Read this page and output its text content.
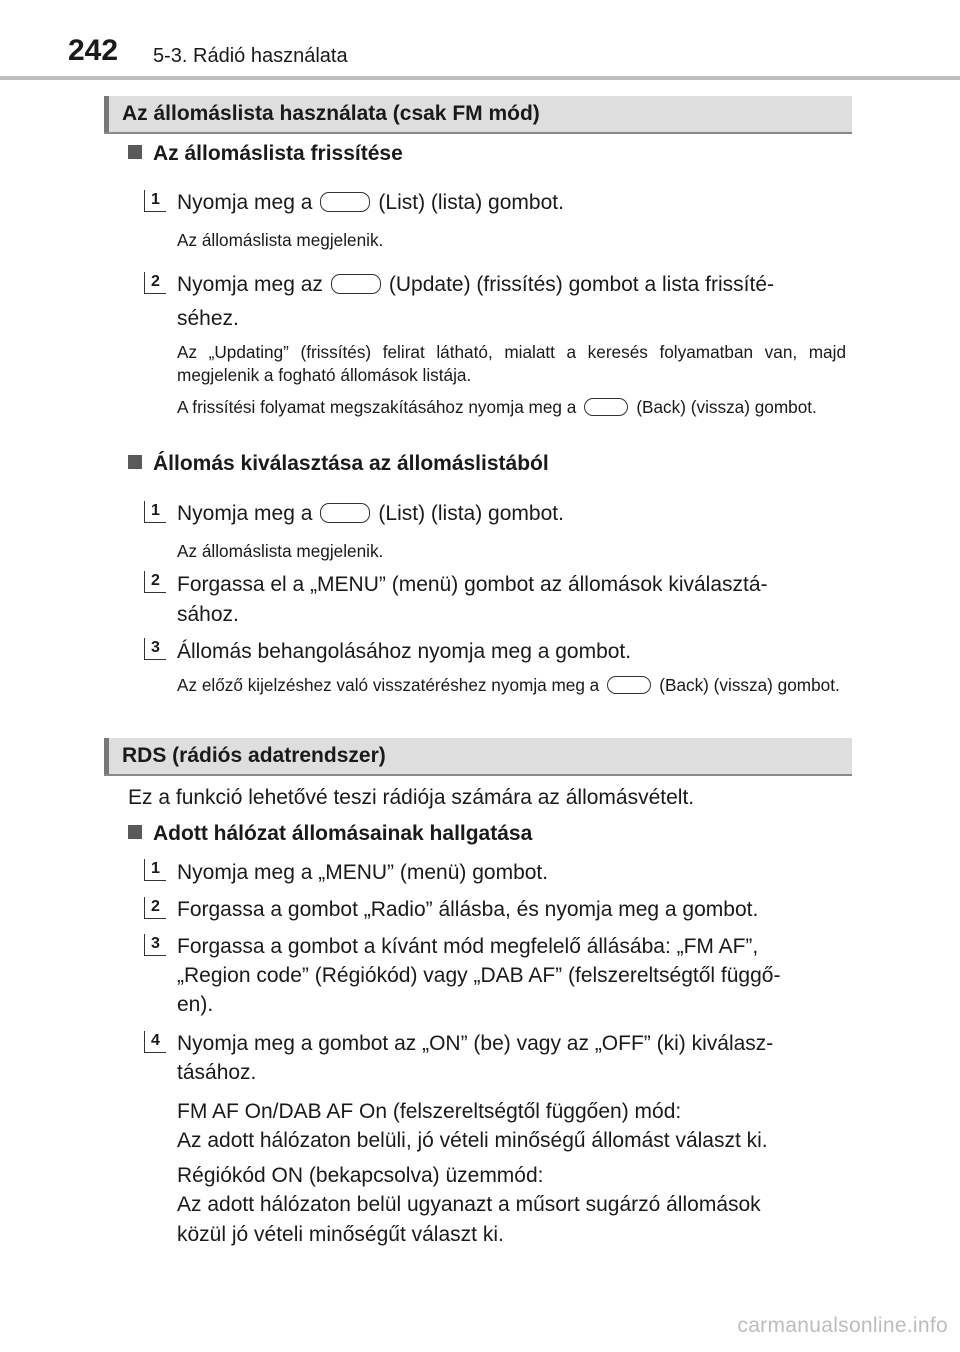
242 5-3. Rádió használata
Az állomáslista használata (csak FM mód)
Az állomáslista frissítése
1 Nyomja meg a	(List) (lista) gombot.
Az állomáslista megjelenik.
2 Nyomja meg az	(Update) (frissítés) gombot a lista frissíté-
séhez.
Az „Updating” (frissítés) felirat látható, mialatt a keresés folyamatban van, majd megjelenik a fogható állomások listája.
A frissítési folyamat megszakításához nyomja meg a	(Back) (vissza) gombot.
Állomás kiválasztása az állomáslistából
1 Nyomja meg a	(List) (lista) gombot.
Az állomáslista megjelenik.
2 Forgassa el a „MENU” (menü) gombot az állomások kiválasztá-
sához.
3 Állomás behangolásához nyomja meg a gombot.
Az előző kijelzéshez való visszatéréshez nyomja meg a	(Back) (vissza) gombot.
RDS (rádiós adatrendszer)
Ez a funkció lehetővé teszi rádiója számára az állomásvételt.
Adott hálózat állomásainak hallgatása
1 Nyomja meg a „MENU” (menü) gombot.
2 Forgassa a gombot „Radio” állásba, és nyomja meg a gombot.
3 Forgassa a gombot a kívánt mód megfelelő állásába: „FM AF”,
„Region code” (Régiókód) vagy „DAB AF” (felszereltségtől függő-
en).
4 Nyomja meg a gombot az „ON” (be) vagy az „OFF” (ki) kiválasz-
tásához.
FM AF On/DAB AF On (felszereltségtől függően) mód:
Az adott hálózaton belüli, jó vételi minőségű állomást választ ki.
Régiókód ON (bekapcsolva) üzemmód:
Az adott hálózaton belül ugyanazt a műsort sugárzó állomások
közül jó vételi minőségűt választ ki.
carmanualsonline.info
